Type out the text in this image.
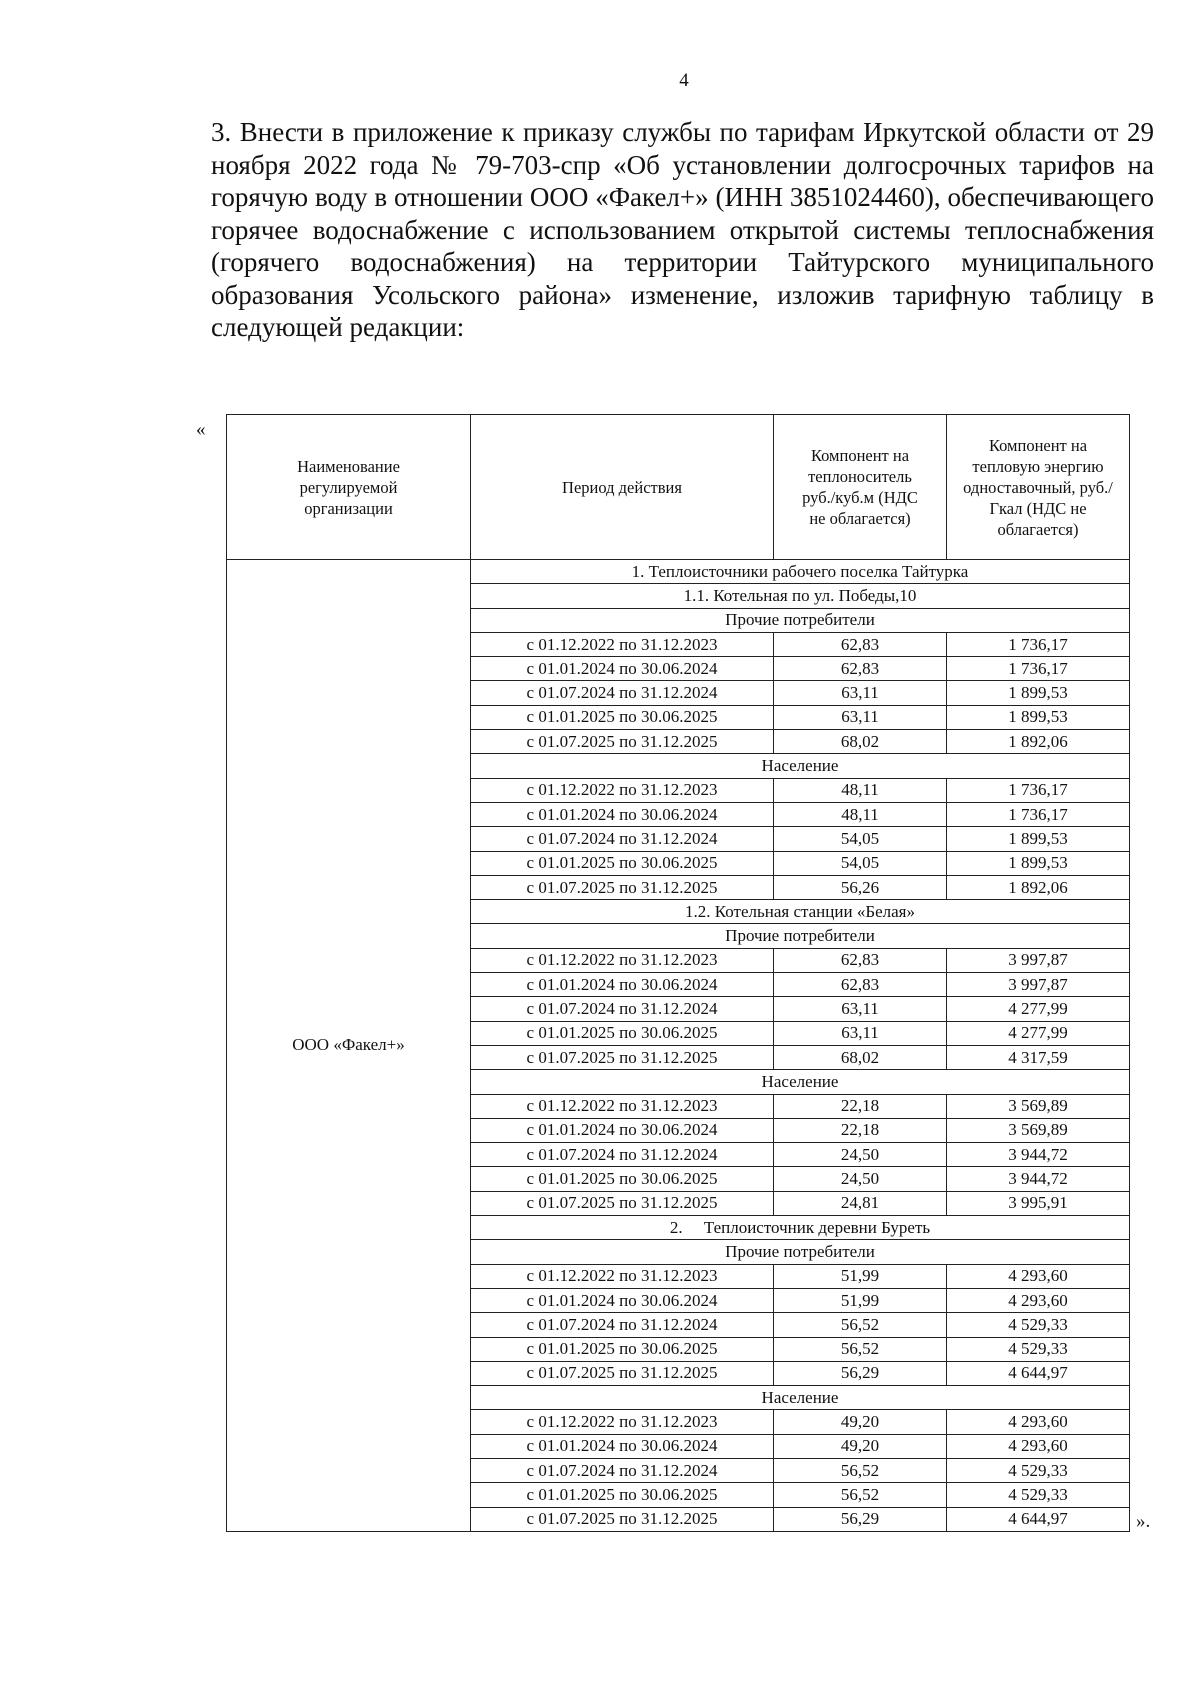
4

3. Внести в приложение к приказу службы по тарифам Иркутской области от 29 ноября 2022 года № 79-703-спр «Об установлении долгосрочных тарифов на горячую воду в отношении ООО «Факел+» (ИНН 3851024460), обеспечивающего горячее водоснабжение с использованием открытой системы теплоснабжения (горячего водоснабжения) на территории Тайтурского муниципального образования Усольского района» изменение, изложив тарифную таблицу в следующей редакции:

«
Наименование регулируемой организации	Период действия	Компонент на теплоноситель руб./куб.м (НДС не облагается)	Компонент на тепловую энергию одноставочный, руб./Гкал (НДС не облагается)
ООО «Факел+»	1. Теплоисточники рабочего поселка Тайтурка		
	1.1. Котельная по ул. Победы,10		
	Прочие потребители		
	с 01.12.2022 по 31.12.2023	62,83	1 736,17
	с 01.01.2024 по 30.06.2024	62,83	1 736,17
	с 01.07.2024 по 31.12.2024	63,11	1 899,53
	с 01.01.2025 по 30.06.2025	63,11	1 899,53
	с 01.07.2025 по 31.12.2025	68,02	1 892,06
	Население		
	с 01.12.2022 по 31.12.2023	48,11	1 736,17
	с 01.01.2024 по 30.06.2024	48,11	1 736,17
	с 01.07.2024 по 31.12.2024	54,05	1 899,53
	с 01.01.2025 по 30.06.2025	54,05	1 899,53
	с 01.07.2025 по 31.12.2025	56,26	1 892,06
	1.2. Котельная станции «Белая»		
	Прочие потребители		
	с 01.12.2022 по 31.12.2023	62,83	3 997,87
	с 01.01.2024 по 30.06.2024	62,83	3 997,87
	с 01.07.2024 по 31.12.2024	63,11	4 277,99
	с 01.01.2025 по 30.06.2025	63,11	4 277,99
	с 01.07.2025 по 31.12.2025	68,02	4 317,59
	Население		
	с 01.12.2022 по 31.12.2023	22,18	3 569,89
	с 01.01.2024 по 30.06.2024	22,18	3 569,89
	с 01.07.2024 по 31.12.2024	24,50	3 944,72
	с 01.01.2025 по 30.06.2025	24,50	3 944,72
	с 01.07.2025 по 31.12.2025	24,81	3 995,91
	2.     Теплоисточник деревни Буреть		
	Прочие потребители		
	с 01.12.2022 по 31.12.2023	51,99	4 293,60
	с 01.01.2024 по 30.06.2024	51,99	4 293,60
	с 01.07.2024 по 31.12.2024	56,52	4 529,33
	с 01.01.2025 по 30.06.2025	56,52	4 529,33
	с 01.07.2025 по 31.12.2025	56,29	4 644,97
	Население		
	с 01.12.2022 по 31.12.2023	49,20	4 293,60
	с 01.01.2024 по 30.06.2024	49,20	4 293,60
	с 01.07.2024 по 31.12.2024	56,52	4 529,33
	с 01.01.2025 по 30.06.2025	56,52	4 529,33
	с 01.07.2025 по 31.12.2025	56,29	4 644,97	».
